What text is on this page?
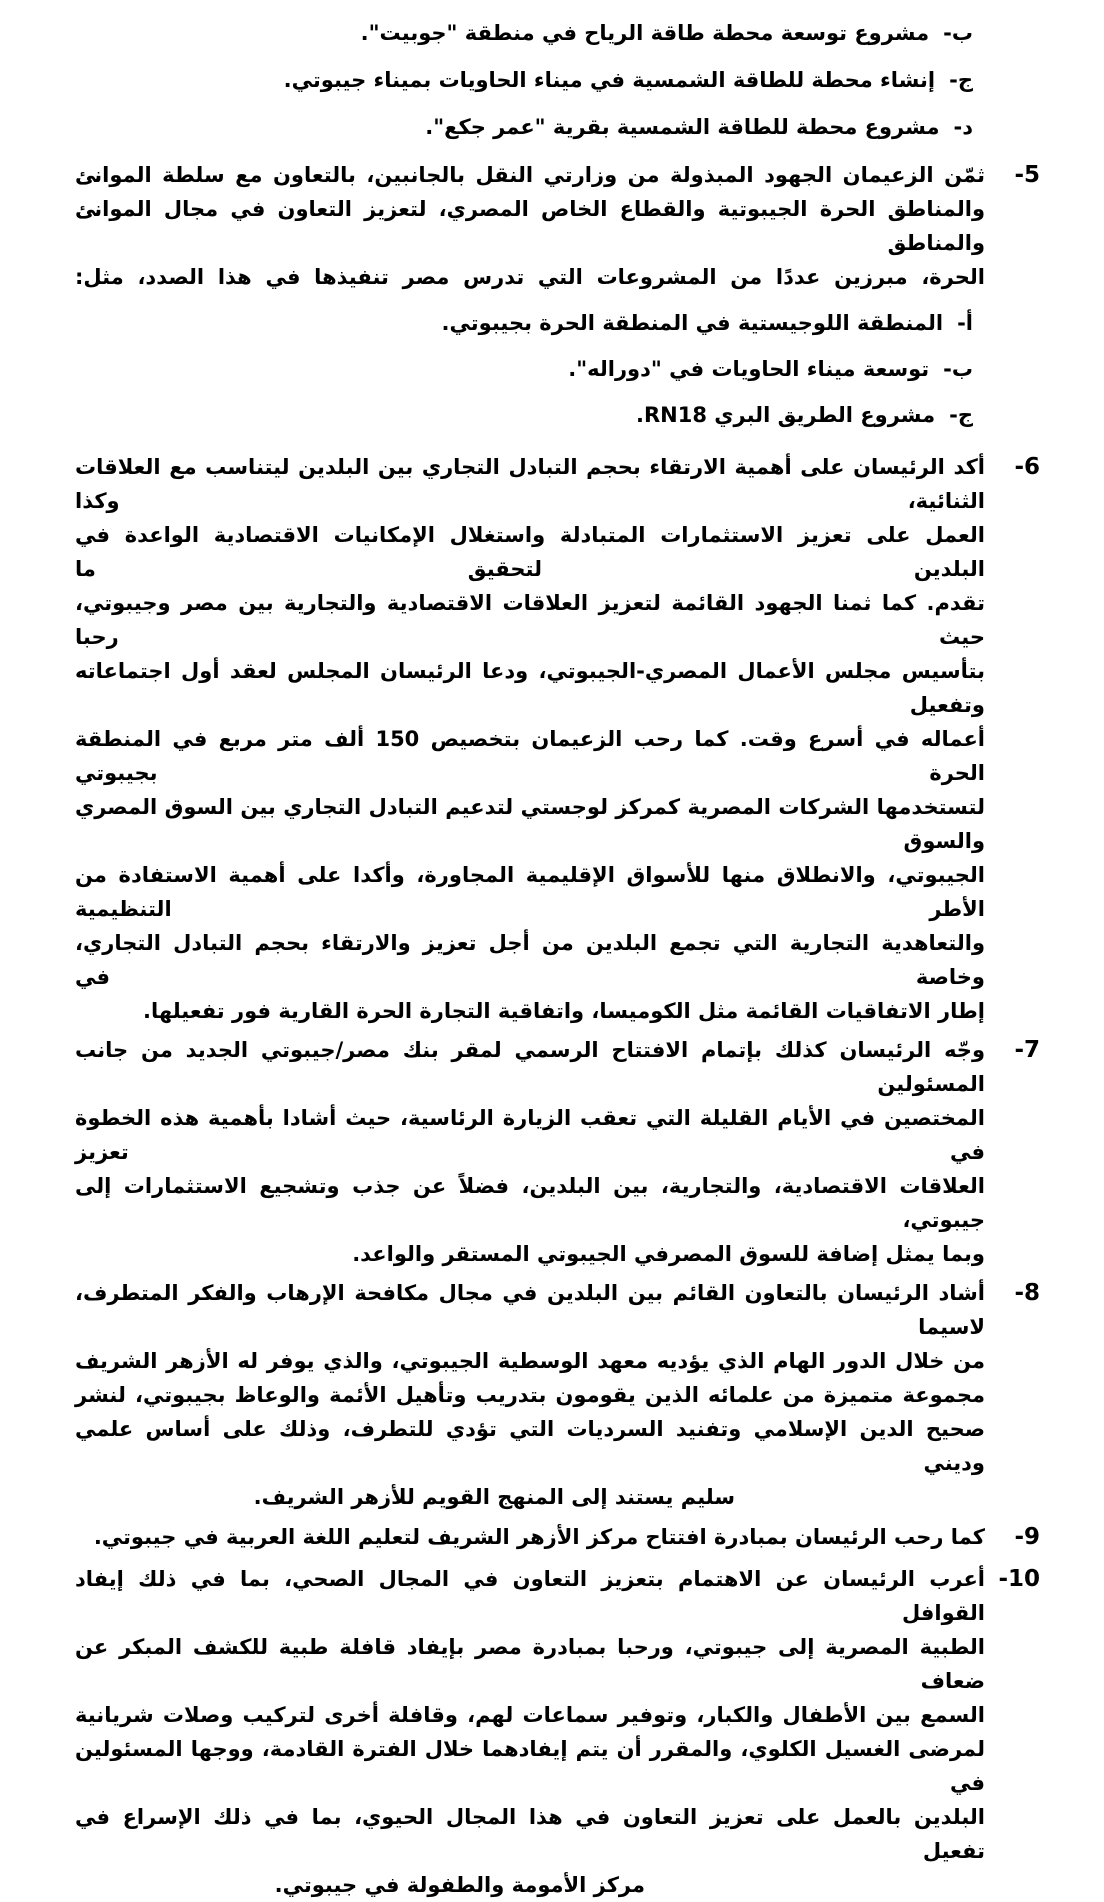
ب-مشروع توسعة محطة طاقة الرياح في منطقة "جوبيت".
ج-إنشاء محطة للطاقة الشمسية في ميناء الحاويات بميناء جيبوتي.
د-مشروع محطة للطاقة الشمسية بقرية "عمر جكع".
5-
ثمّن الزعيمان الجهود المبذولة من وزارتي النقل بالجانبين، بالتعاون مع سلطة الموانئ
والمناطق الحرة الجيبوتية والقطاع الخاص المصري، لتعزيز التعاون في مجال الموانئ والمناطق
الحرة، مبرزين عددًا من المشروعات التي تدرس مصر تنفيذها في هذا الصدد، مثل:
أ-المنطقة اللوجيستية في المنطقة الحرة بجيبوتي.
ب-توسعة ميناء الحاويات في "دوراله".
ج-مشروع الطريق البري RN18.
6-
أكد الرئيسان على أهمية الارتقاء بحجم التبادل التجاري بين البلدين ليتناسب مع العلاقات الثنائية، وكذا
العمل على تعزيز الاستثمارات المتبادلة واستغلال الإمكانيات الاقتصادية الواعدة في البلدين لتحقيق ما
تقدم. كما ثمنا الجهود القائمة لتعزيز العلاقات الاقتصادية والتجارية بين مصر وجيبوتي، حيث رحبا
بتأسيس مجلس الأعمال المصري-الجيبوتي، ودعا الرئيسان المجلس لعقد أول اجتماعاته وتفعيل
أعماله في أسرع وقت. كما رحب الزعيمان بتخصيص 150 ألف متر مربع في المنطقة الحرة بجيبوتي
لتستخدمها الشركات المصرية كمركز لوجستي لتدعيم التبادل التجاري بين السوق المصري والسوق
الجيبوتي، والانطلاق منها للأسواق الإقليمية المجاورة، وأكدا على أهمية الاستفادة من الأطر التنظيمية
والتعاهدية التجارية التي تجمع البلدين من أجل تعزيز والارتقاء بحجم التبادل التجاري، وخاصة في
إطار الاتفاقيات القائمة مثل الكوميسا، واتفاقية التجارة الحرة القارية فور تفعيلها.
7-
وجّه الرئيسان كذلك بإتمام الافتتاح الرسمي لمقر بنك مصر/جيبوتي الجديد من جانب المسئولين
المختصين في الأيام القليلة التي تعقب الزيارة الرئاسية، حيث أشادا بأهمية هذه الخطوة في تعزيز
العلاقات الاقتصادية، والتجارية، بين البلدين، فضلاً عن جذب وتشجيع الاستثمارات إلى جيبوتي،
وبما يمثل إضافة للسوق المصرفي الجيبوتي المستقر والواعد.
8-
أشاد الرئيسان بالتعاون القائم بين البلدين في مجال مكافحة الإرهاب والفكر المتطرف، لاسيما
من خلال الدور الهام الذي يؤديه معهد الوسطية الجيبوتي، والذي يوفر له الأزهر الشريف
مجموعة متميزة من علمائه الذين يقومون بتدريب وتأهيل الأئمة والوعاظ بجيبوتي، لنشر
صحيح الدين الإسلامي وتفنيد السرديات التي تؤدي للتطرف، وذلك على أساس علمي وديني
سليم يستند إلى المنهج القويم للأزهر الشريف.
9-
كما رحب الرئيسان بمبادرة افتتاح مركز الأزهر الشريف لتعليم اللغة العربية في جيبوتي.
10-
أعرب الرئيسان عن الاهتمام بتعزيز التعاون في المجال الصحي، بما في ذلك إيفاد القوافل
الطبية المصرية إلى جيبوتي، ورحبا بمبادرة مصر بإيفاد قافلة طبية للكشف المبكر عن ضعاف
السمع بين الأطفال والكبار، وتوفير سماعات لهم، وقافلة أخرى لتركيب وصلات شريانية
لمرضى الغسيل الكلوي، والمقرر أن يتم إيفادهما خلال الفترة القادمة، ووجها المسئولين في
البلدين بالعمل على تعزيز التعاون في هذا المجال الحيوي، بما في ذلك الإسراع في تفعيل
مركز الأمومة والطفولة في جيبوتي.
